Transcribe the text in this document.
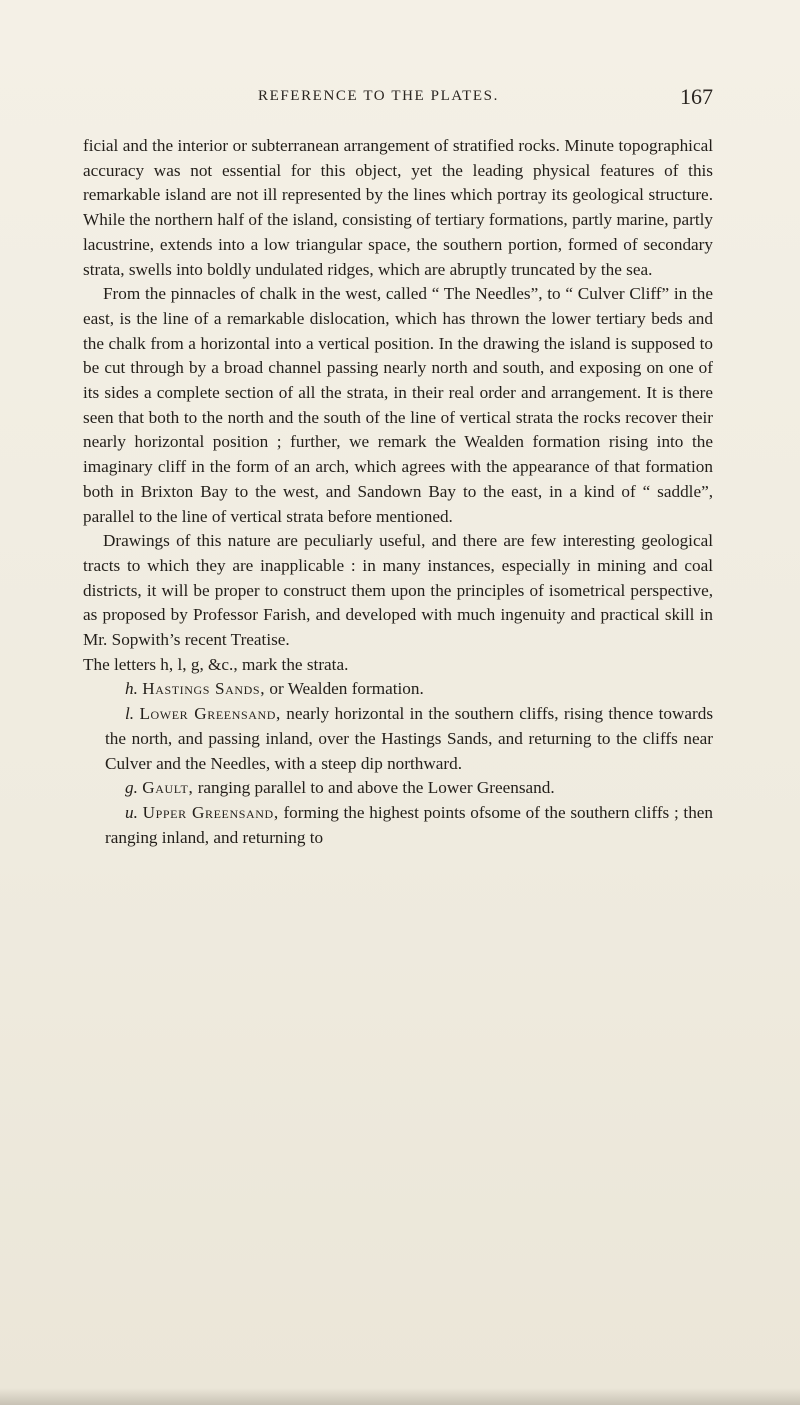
REFERENCE TO THE PLATES.	167

ficial and the interior or subterranean arrangement of stratified rocks. Minute topographical accuracy was not essential for this object, yet the leading physical features of this remarkable island are not ill represented by the lines which portray its geological structure. While the northern half of the island, consisting of tertiary formations, partly marine, partly lacustrine, extends into a low triangular space, the southern portion, formed of secondary strata, swells into boldly undulated ridges, which are abruptly truncated by the sea.

From the pinnacles of chalk in the west, called “ The Needles”, to “ Culver Cliff” in the east, is the line of a remarkable dislocation, which has thrown the lower tertiary beds and the chalk from a horizontal into a vertical position. In the drawing the island is supposed to be cut through by a broad channel passing nearly north and south, and exposing on one of its sides a complete section of all the strata, in their real order and arrangement. It is there seen that both to the north and the south of the line of vertical strata the rocks recover their nearly horizontal position ; further, we remark the Wealden formation rising into the imaginary cliff in the form of an arch, which agrees with the appearance of that formation both in Brixton Bay to the west, and Sandown Bay to the east, in a kind of “ saddle”, parallel to the line of vertical strata before mentioned.

Drawings of this nature are peculiarly useful, and there are few interesting geological tracts to which they are inapplicable : in many instances, especially in mining and coal districts, it will be proper to construct them upon the principles of isometrical perspective, as proposed by Professor Farish, and developed with much ingenuity and practical skill in Mr. Sopwith’s recent Treatise.

The letters h, l, g, &c., mark the strata.

h. Hastings Sands, or Wealden formation.

l. Lower Greensand, nearly horizontal in the southern cliffs, rising thence towards the north, and passing inland, over the Hastings Sands, and returning to the cliffs near Culver and the Needles, with a steep dip northward.

g. Gault, ranging parallel to and above the Lower Greensand.

u. Upper Greensand, forming the highest points ofsome of the southern cliffs ; then ranging inland, and returning to
